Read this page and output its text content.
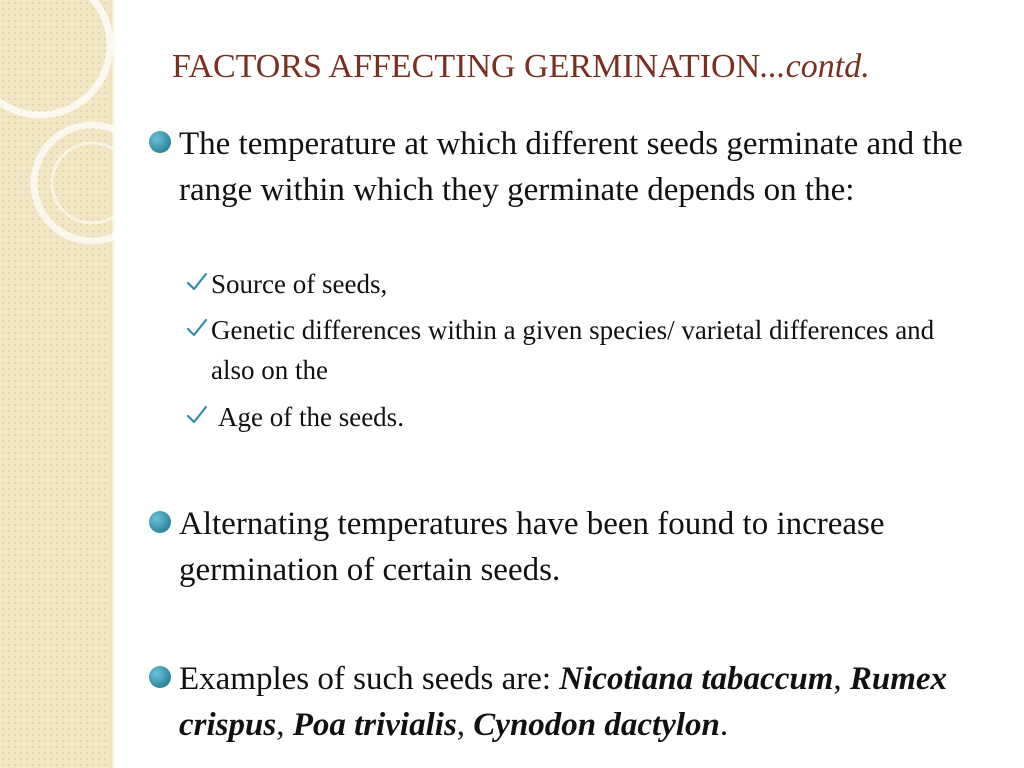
FACTORS AFFECTING GERMINATION...contd.
The temperature at which different seeds germinate and the range within which they germinate depends on the:
Source of seeds,
Genetic differences within a given species/ varietal differences and also on the
Age of the seeds.
Alternating temperatures have been found to increase germination of certain seeds.
Examples of such seeds are: Nicotiana tabaccum, Rumex crispus, Poa trivialis, Cynodon dactylon.
